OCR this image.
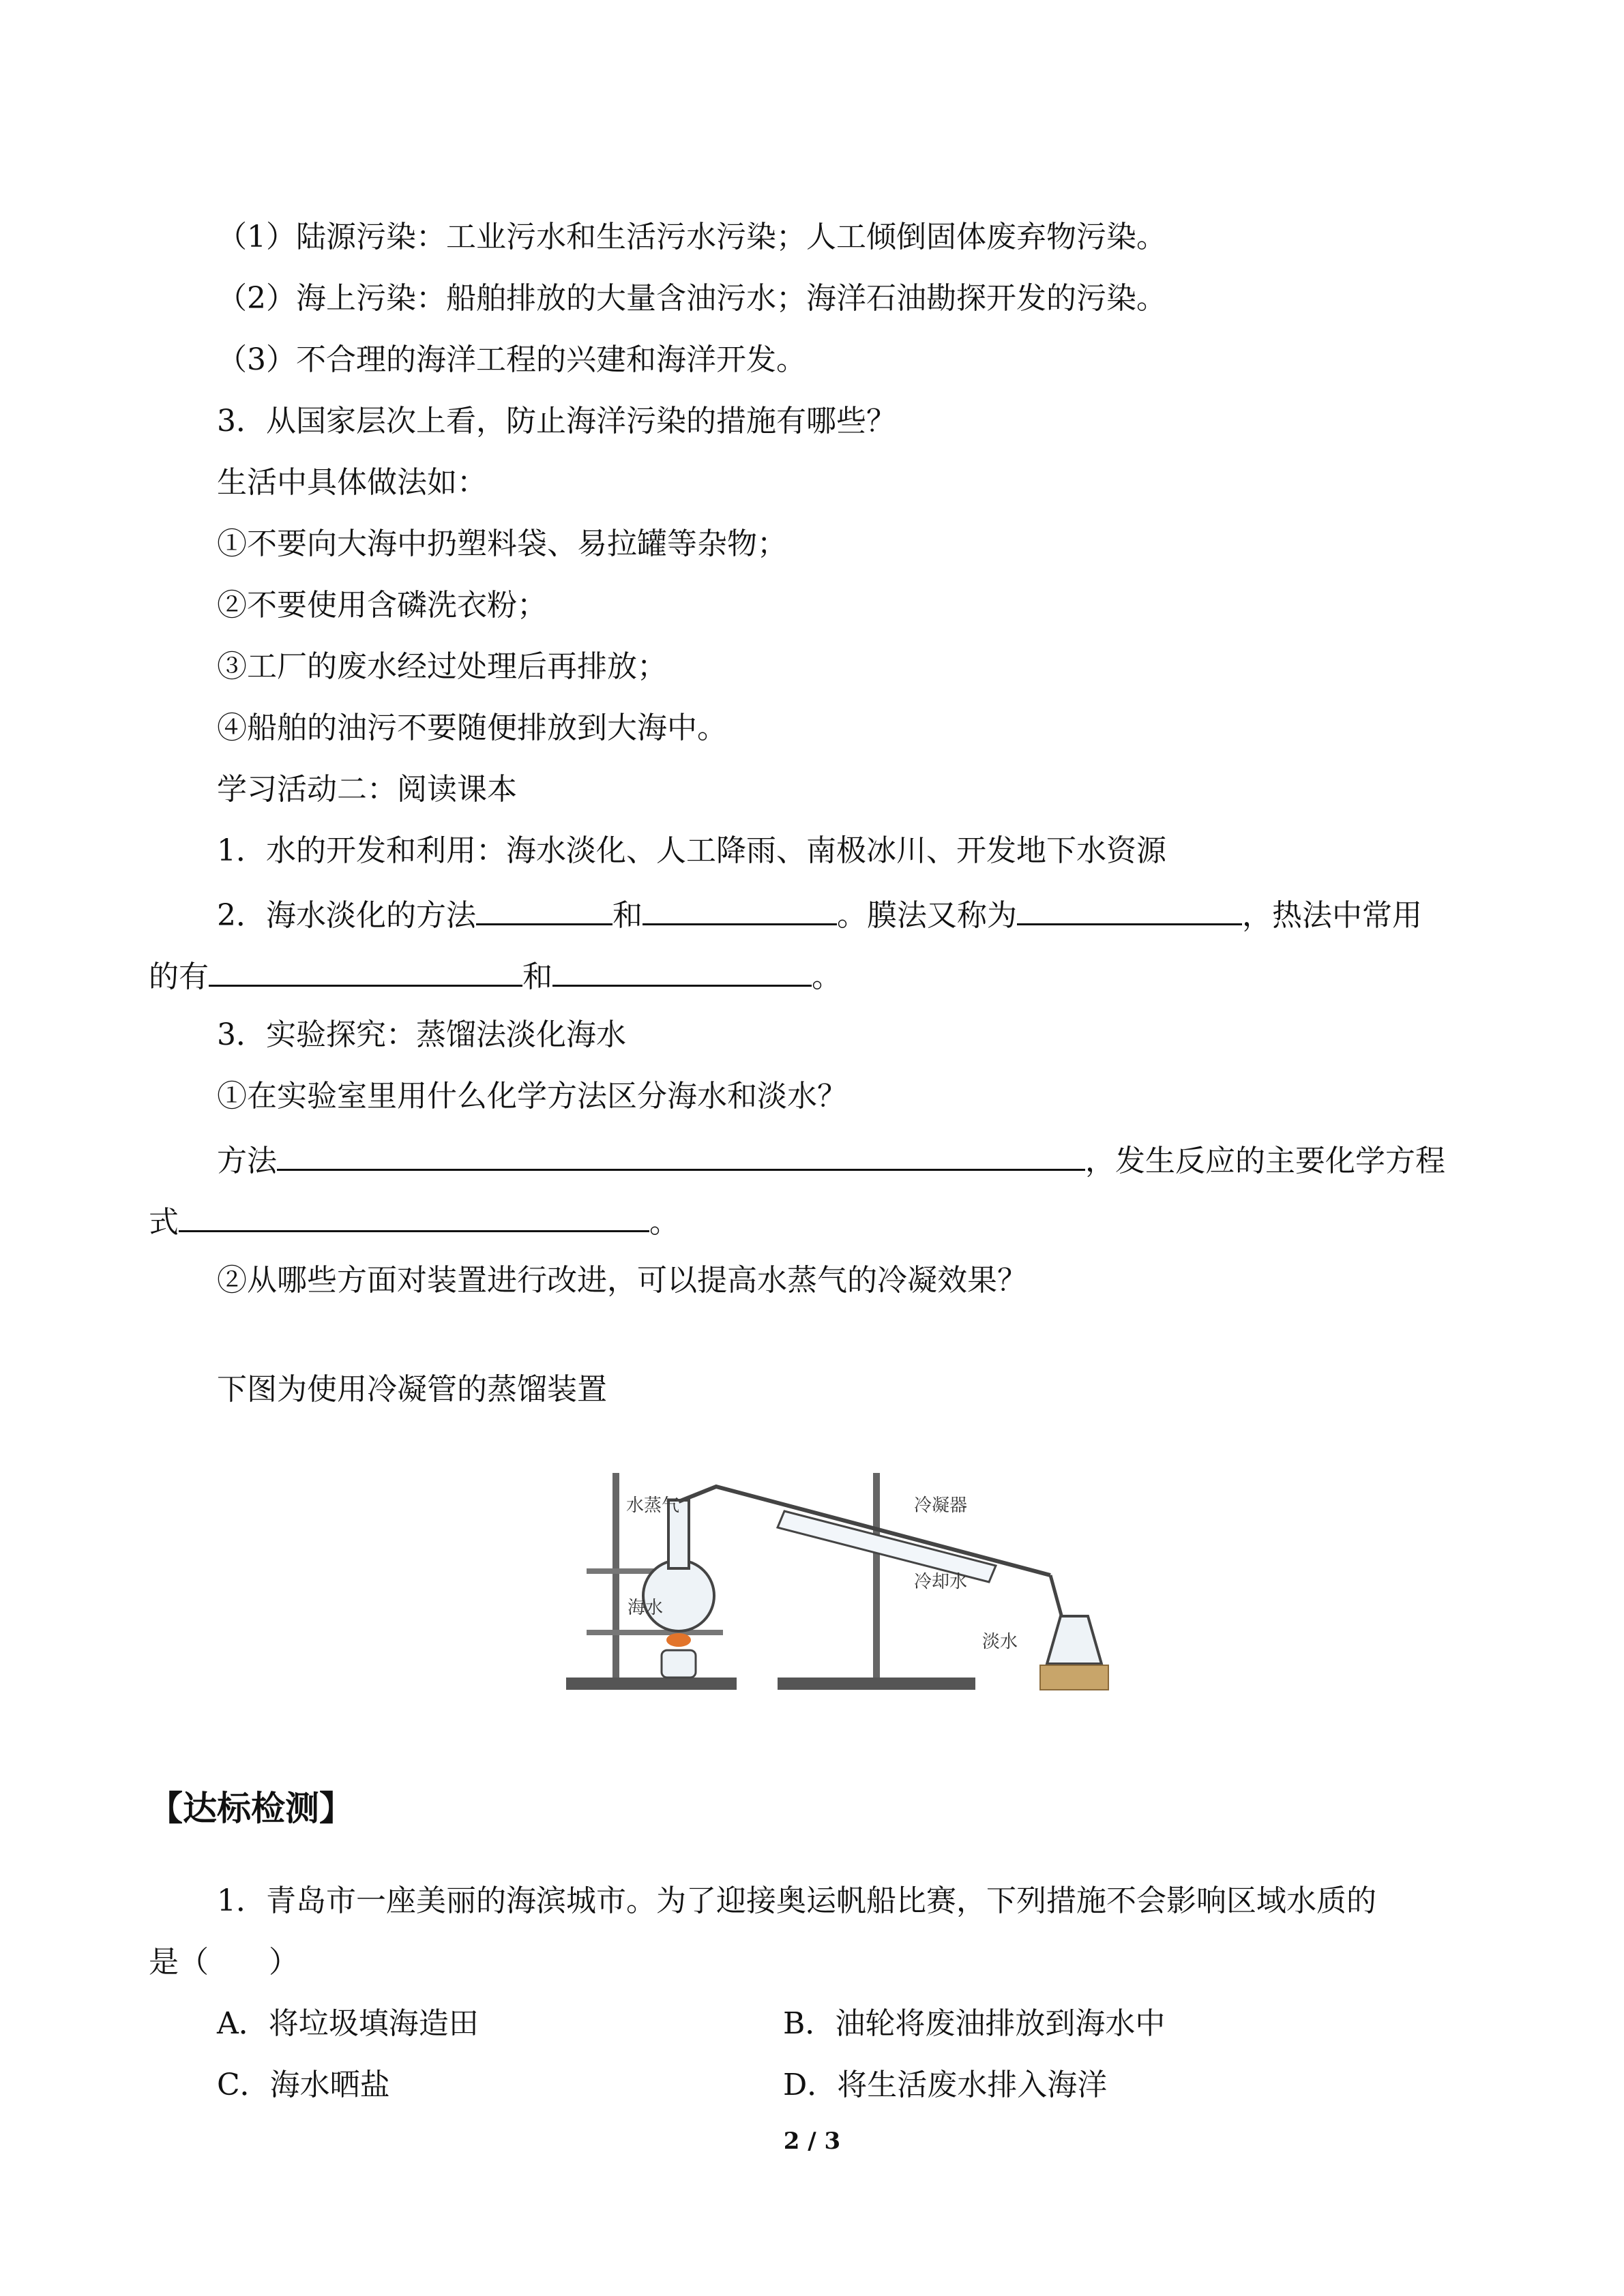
（1）陆源污染：工业污水和生活污水污染；人工倾倒固体废弃物污染。
（2）海上污染：船舶排放的大量含油污水；海洋石油勘探开发的污染。
（3）不合理的海洋工程的兴建和海洋开发。
3．从国家层次上看，防止海洋污染的措施有哪些？
生活中具体做法如：
①不要向大海中扔塑料袋、易拉罐等杂物；
②不要使用含磷洗衣粉；
③工厂的废水经过处理后再排放；
④船舶的油污不要随便排放到大海中。
学习活动二：阅读课本
1．水的开发和利用：海水淡化、人工降雨、南极冰川、开发地下水资源
2．海水淡化的方法	和	。膜法又称为	，热法中常用
的有	和	。
3．实验探究：蒸馏法淡化海水
①在实验室里用什么化学方法区分海水和淡水？
方法	，发生反应的主要化学方程
式	。
②从哪些方面对装置进行改进，可以提高水蒸气的冷凝效果？
下图为使用冷凝管的蒸馏装置
水蒸气	冷凝器
海水
冷却水
淡水
【达标检测】
1．青岛市一座美丽的海滨城市。为了迎接奥运帆船比赛，下列措施不会影响区域水质的
是（　　）
A．将垃圾填海造田	B．油轮将废油排放到海水中
C．海水晒盐	D．将生活废水排入海洋
2 / 3
